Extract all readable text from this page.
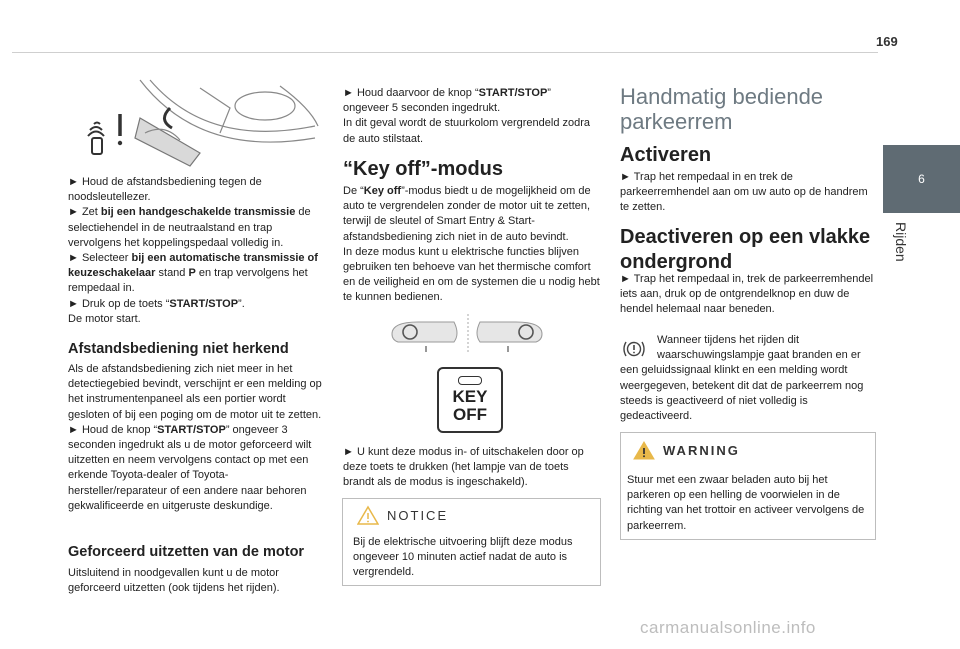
169
6
Rijden
► Houd de afstandsbediening tegen de noodsleutellezer.
► Zet bij een handgeschakelde transmissie de selectiehendel in de neutraalstand en trap vervolgens het koppelingspedaal volledig in.
► Selecteer bij een automatische transmissie of keuzeschakelaar stand P en trap vervolgens het rempedaal in.
► Druk op de toets “START/STOP”.
De motor start.
Afstandsbediening niet herkend
Als de afstandsbediening zich niet meer in het detectiegebied bevindt, verschijnt er een melding op het instrumentenpaneel als een portier wordt gesloten of bij een poging om de motor uit te zetten.
► Houd de knop “START/STOP” ongeveer 3 seconden ingedrukt als u de motor geforceerd wilt uitzetten en neem vervolgens contact op met een erkende Toyota-dealer of Toyota-hersteller/reparateur of een andere naar behoren gekwalificeerde en uitgeruste deskundige.
Geforceerd uitzetten van de motor
Uitsluitend in noodgevallen kunt u de motor geforceerd uitzetten (ook tijdens het rijden).
► Houd daarvoor de knop “START/STOP” ongeveer 5 seconden ingedrukt.
In dit geval wordt de stuurkolom vergrendeld zodra de auto stilstaat.
“Key off”-modus
De “Key off”-modus biedt u de mogelijkheid om de auto te vergrendelen zonder de motor uit te zetten, terwijl de sleutel of Smart Entry & Start-afstandsbediening zich niet in de auto bevindt.
In deze modus kunt u elektrische functies blijven gebruiken ten behoeve van het thermische comfort en de veiligheid en om de systemen die u nodig hebt te kunnen bedienen.
KEY
OFF
► U kunt deze modus in- of uitschakelen door op deze toets te drukken (het lampje van de toets brandt als de modus is ingeschakeld).
NOTICE
Bij de elektrische uitvoering blijft deze modus ongeveer 10 minuten actief nadat de auto is vergrendeld.
Handmatig bediende
parkeerrem
Activeren
► Trap het rempedaal in en trek de parkeerremhendel aan om uw auto op de handrem te zetten.
Deactiveren op een vlakke
ondergrond
► Trap het rempedaal in, trek de parkeerremhendel iets aan, druk op de ontgrendelknop en duw de hendel helemaal naar beneden.
Wanneer tijdens het rijden dit
waarschuwingslampje gaat branden en er een geluidssignaal klinkt en een melding wordt weergegeven, betekent dit dat de parkeerrem nog steeds is geactiveerd of niet volledig is gedeactiveerd.
WARNING
Stuur met een zwaar beladen auto bij het parkeren op een helling de voorwielen in de richting van het trottoir en activeer vervolgens de parkeerrem.
carmanualsonline.info
